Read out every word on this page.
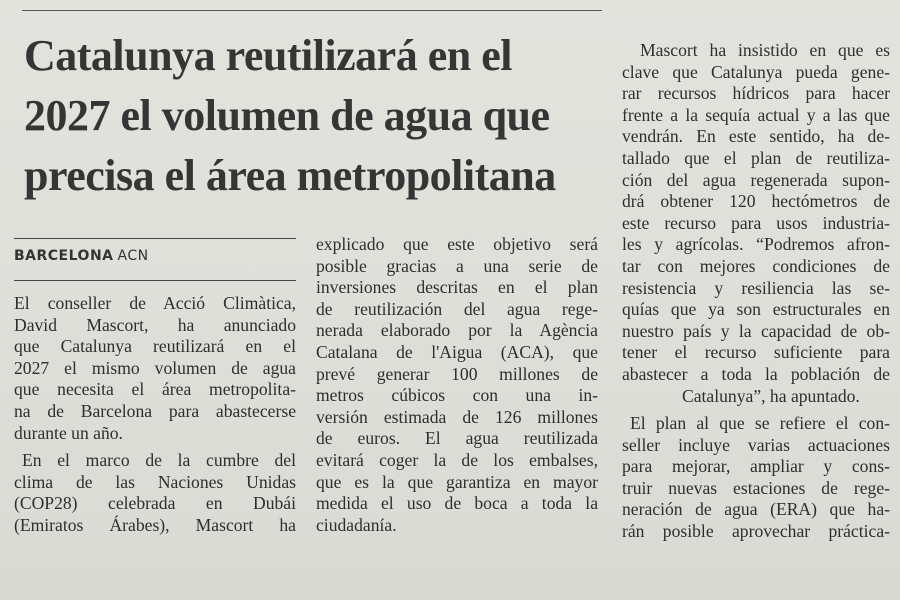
Catalunya reutilizará en el
2027 el volumen de agua que
precisa el área metropolitana
BARCELONA ACN
El conseller de Acció Climàtica,
David Mascort, ha anunciado
que Catalunya reutilizará en el
2027 el mismo volumen de agua
que necesita el área metropolita-
na de Barcelona para abastecerse
durante un año.
En el marco de la cumbre del
clima de las Naciones Unidas
(COP28) celebrada en Dubái
(Emiratos Árabes), Mascort ha
explicado que este objetivo será
posible gracias a una serie de
inversiones descritas en el plan
de reutilización del agua rege-
nerada elaborado por la Agència
Catalana de l'Aigua (ACA), que
prevé generar 100 millones de
metros cúbicos con una in-
versión estimada de 126 millones
de euros. El agua reutilizada
evitará coger la de los embalses,
que es la que garantiza en mayor
medida el uso de boca a toda la
ciudadanía.
Mascort ha insistido en que es
clave que Catalunya pueda gene-
rar recursos hídricos para hacer
frente a la sequía actual y a las que
vendrán. En este sentido, ha de-
tallado que el plan de reutiliza-
ción del agua regenerada supon-
drá obtener 120 hectómetros de
este recurso para usos industria-
les y agrícolas. “Podremos afron-
tar con mejores condiciones de
resistencia y resiliencia las se-
quías que ya son estructurales en
nuestro país y la capacidad de ob-
tener el recurso suficiente para
abastecer a toda la población de
Catalunya”, ha apuntado.
El plan al que se refiere el con-
seller incluye varias actuaciones
para mejorar, ampliar y cons-
truir nuevas estaciones de rege-
neración de agua (ERA) que ha-
rán posible aprovechar práctica-
